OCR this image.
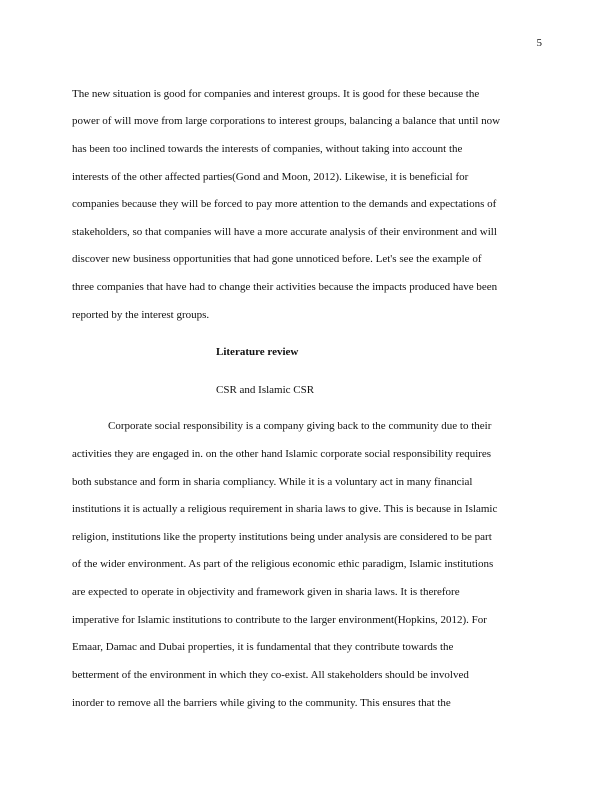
5
The new situation is good for companies and interest groups. It is good for these because the
power of will move from large corporations to interest groups, balancing a balance that until now
has been too inclined towards the interests of companies, without taking into account the
interests of the other affected parties(Gond and Moon, 2012). Likewise, it is beneficial for
companies because they will be forced to pay more attention to the demands and expectations of
stakeholders, so that companies will have a more accurate analysis of their environment and will
discover new business opportunities that had gone unnoticed before. Let's see the example of
three companies that have had to change their activities because the impacts produced have been
reported by the interest groups.
Literature review
CSR and Islamic CSR
Corporate social responsibility is a company giving back to the community due to their
activities they are engaged in. on the other hand Islamic corporate social responsibility requires
both substance and form in sharia compliancy. While it is a voluntary act in many financial
institutions it is actually a religious requirement in sharia laws to give. This is because in Islamic
religion, institutions like the property institutions being under analysis are considered to be part
of the wider environment. As part of the religious economic ethic paradigm, Islamic institutions
are expected to operate in objectivity and framework given in sharia laws. It is therefore
imperative for Islamic institutions to contribute to the larger environment(Hopkins, 2012). For
Emaar, Damac and Dubai properties, it is fundamental that they contribute towards the
betterment of the environment in which they co-exist. All stakeholders should be involved
inorder to remove all the barriers while giving to the community. This ensures that the
